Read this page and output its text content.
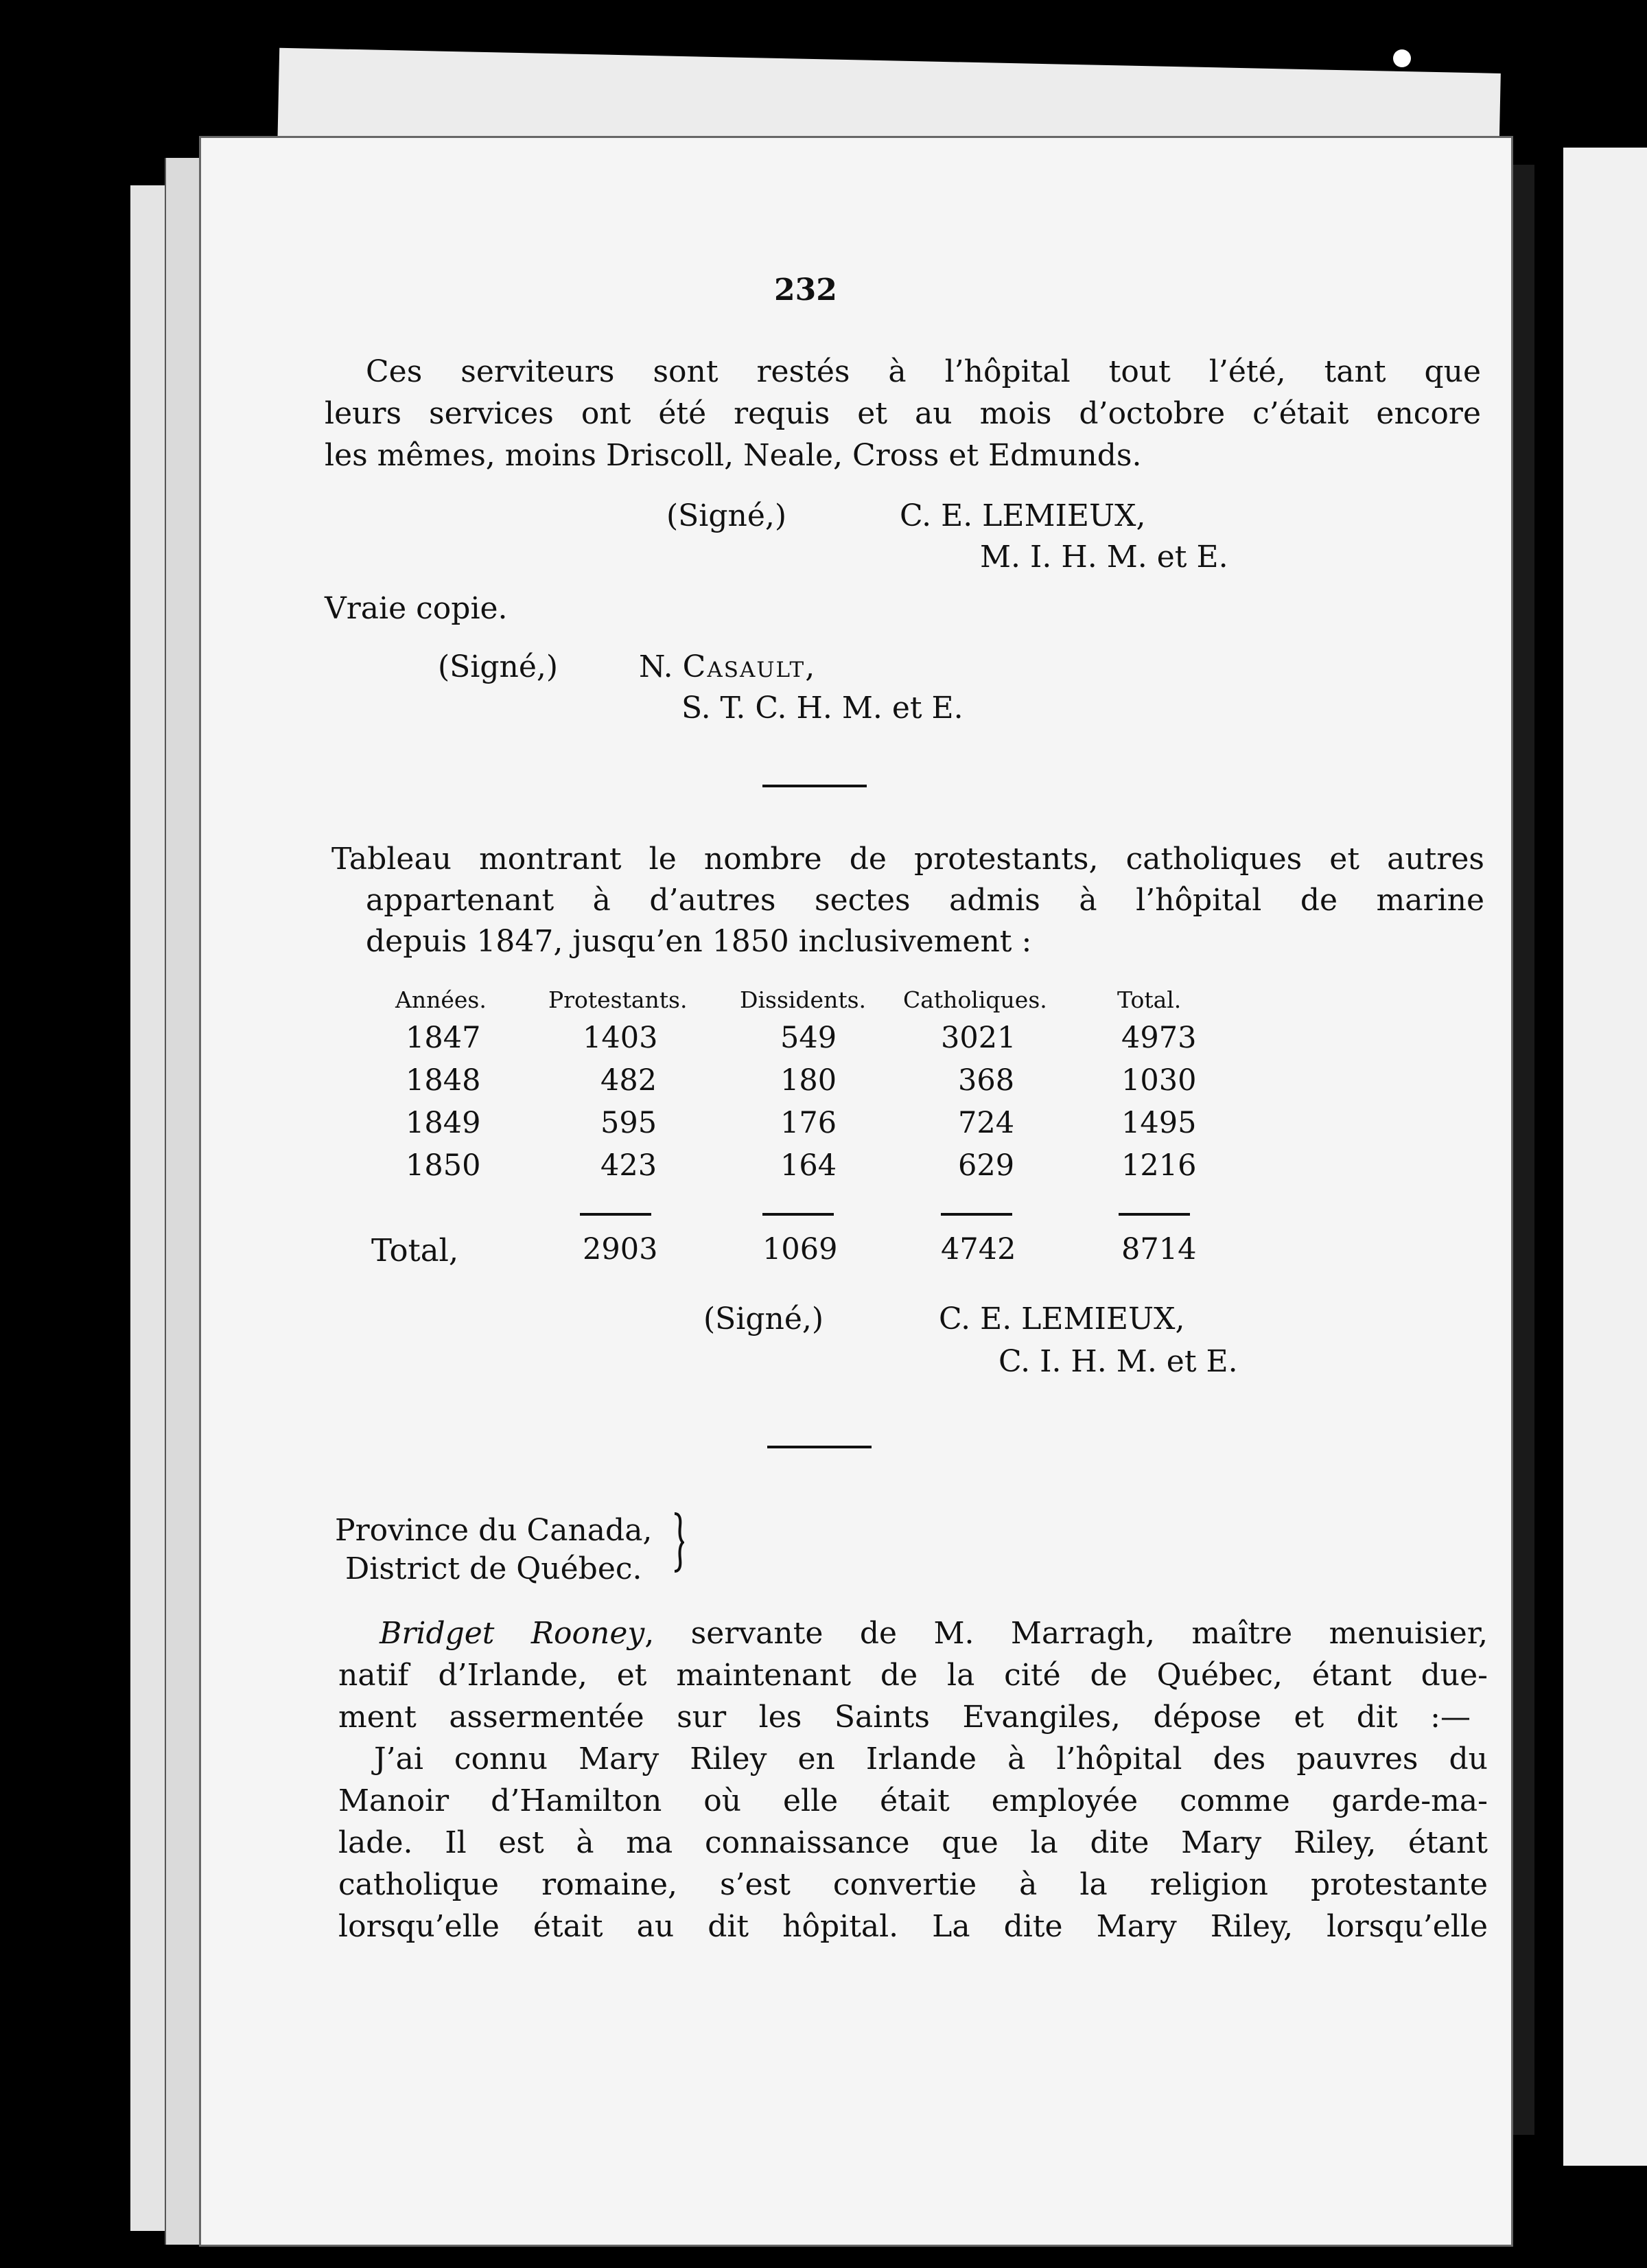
232
Ces serviteurs sont restés à l’hôpital tout l’été, tant que
leurs services ont été requis et au mois d’octobre c’était encore
les mêmes, moins Driscoll, Neale, Cross et Edmunds.
(Signé,)	C. E. LEMIEUX,
M. I. H. M. et E.
Vraie copie.
(Signé,)	N. Casault,
S. T. C. H. M. et E.
Tableau montrant le nombre de protestants, catholiques et autres
appartenant à d’autres sectes admis à l’hôpital de marine
depuis 1847, jusqu’en 1850 inclusivement :
Années.	Protestants. Dissidents. Catholiques.	Total.
1847	1403	549	3021	4973
1848	482	180	368	1030
1849	595	176	724	1495
1850	423	164	629	1216
Total,	2903	1069	4742	8714
(Signé,)	C. E. LEMIEUX,
C. I. H. M. et E.
Province du Canada,
District de Québec.
Bridget Rooney, servante de M. Marragh, maître menuisier,
natif d’Irlande, et maintenant de la cité de Québec, étant due-
ment assermentée sur les Saints Evangiles, dépose et dit :—
J’ai connu Mary Riley en Irlande à l’hôpital des pauvres du
Manoir d’Hamilton où elle était employée comme garde-ma-
lade. Il est à ma connaissance que la dite Mary Riley, étant
catholique romaine, s’est convertie à la religion protestante
lorsqu’elle était au dit hôpital. La dite Mary Riley, lorsqu’elle
